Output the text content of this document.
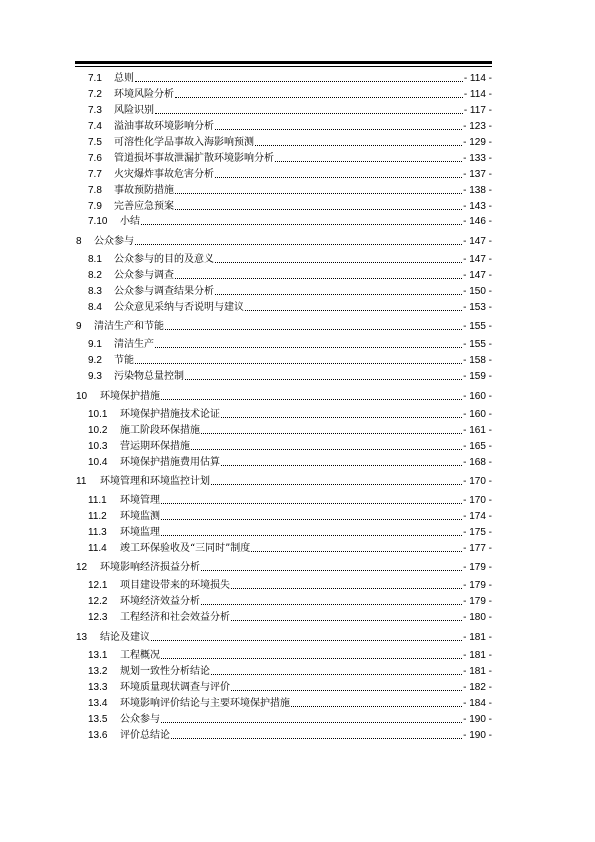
7.1	总则	- 114 -
7.2	环境风险分析	- 114 -
7.3	风险识别	- 117 -
7.4	溢油事故环境影响分析	- 123 -
7.5	可溶性化学品事故入海影响预测	- 129 -
7.6	管道损坏事故泄漏扩散环境影响分析	- 133 -
7.7	火灾爆炸事故危害分析	- 137 -
7.8	事故预防措施	- 138 -
7.9	完善应急预案	- 143 -
7.10	小结	- 146 -
8	公众参与	- 147 -
8.1	公众参与的目的及意义	- 147 -
8.2	公众参与调查	- 147 -
8.3	公众参与调查结果分析	- 150 -
8.4	公众意见采纳与否说明与建议	- 153 -
9	清洁生产和节能	- 155 -
9.1	清洁生产	- 155 -
9.2	节能	- 158 -
9.3	污染物总量控制	- 159 -
10	环境保护措施	- 160 -
10.1	环境保护措施技术论证	- 160 -
10.2	施工阶段环保措施	- 161 -
10.3	营运期环保措施	- 165 -
10.4	环境保护措施费用估算	- 168 -
11	环境管理和环境监控计划	- 170 -
11.1	环境管理	- 170 -
11.2	环境监测	- 174 -
11.3	环境监理	- 175 -
11.4	竣工环保验收及“三同时”制度	- 177 -
12	环境影响经济损益分析	- 179 -
12.1	项目建设带来的环境损失	- 179 -
12.2	环境经济效益分析	- 179 -
12.3	工程经济和社会效益分析	- 180 -
13	结论及建议	- 181 -
13.1	工程概况	- 181 -
13.2	规划一致性分析结论	- 181 -
13.3	环境质量现状调查与评价	- 182 -
13.4	环境影响评价结论与主要环境保护措施	- 184 -
13.5	公众参与	- 190 -
13.6	评价总结论	- 190 -
